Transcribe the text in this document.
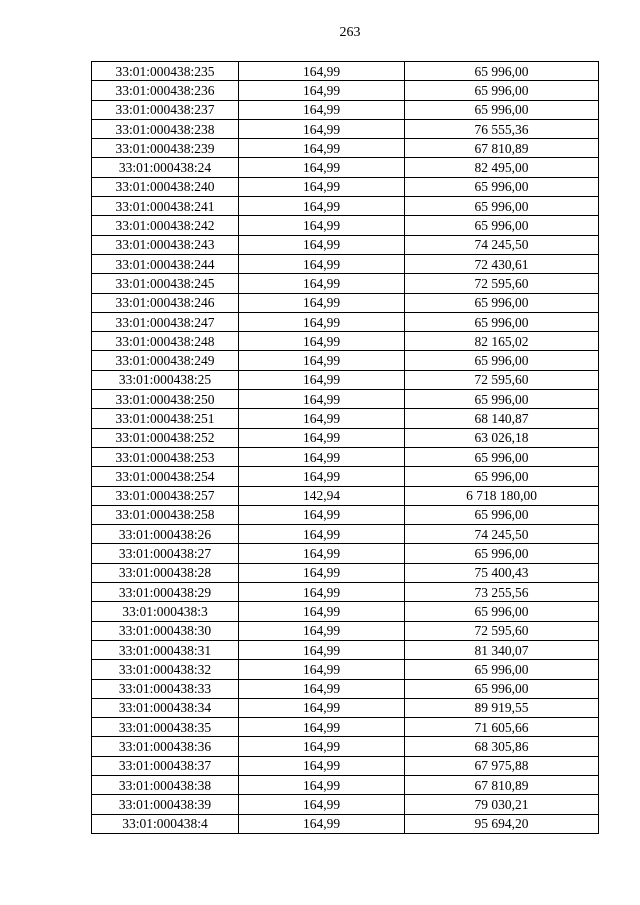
263
33:01:000438:235	164,99	65 996,00
33:01:000438:236	164,99	65 996,00
33:01:000438:237	164,99	65 996,00
33:01:000438:238	164,99	76 555,36
33:01:000438:239	164,99	67 810,89
33:01:000438:24	164,99	82 495,00
33:01:000438:240	164,99	65 996,00
33:01:000438:241	164,99	65 996,00
33:01:000438:242	164,99	65 996,00
33:01:000438:243	164,99	74 245,50
33:01:000438:244	164,99	72 430,61
33:01:000438:245	164,99	72 595,60
33:01:000438:246	164,99	65 996,00
33:01:000438:247	164,99	65 996,00
33:01:000438:248	164,99	82 165,02
33:01:000438:249	164,99	65 996,00
33:01:000438:25	164,99	72 595,60
33:01:000438:250	164,99	65 996,00
33:01:000438:251	164,99	68 140,87
33:01:000438:252	164,99	63 026,18
33:01:000438:253	164,99	65 996,00
33:01:000438:254	164,99	65 996,00
33:01:000438:257	142,94	6 718 180,00
33:01:000438:258	164,99	65 996,00
33:01:000438:26	164,99	74 245,50
33:01:000438:27	164,99	65 996,00
33:01:000438:28	164,99	75 400,43
33:01:000438:29	164,99	73 255,56
33:01:000438:3	164,99	65 996,00
33:01:000438:30	164,99	72 595,60
33:01:000438:31	164,99	81 340,07
33:01:000438:32	164,99	65 996,00
33:01:000438:33	164,99	65 996,00
33:01:000438:34	164,99	89 919,55
33:01:000438:35	164,99	71 605,66
33:01:000438:36	164,99	68 305,86
33:01:000438:37	164,99	67 975,88
33:01:000438:38	164,99	67 810,89
33:01:000438:39	164,99	79 030,21
33:01:000438:4	164,99	95 694,20
